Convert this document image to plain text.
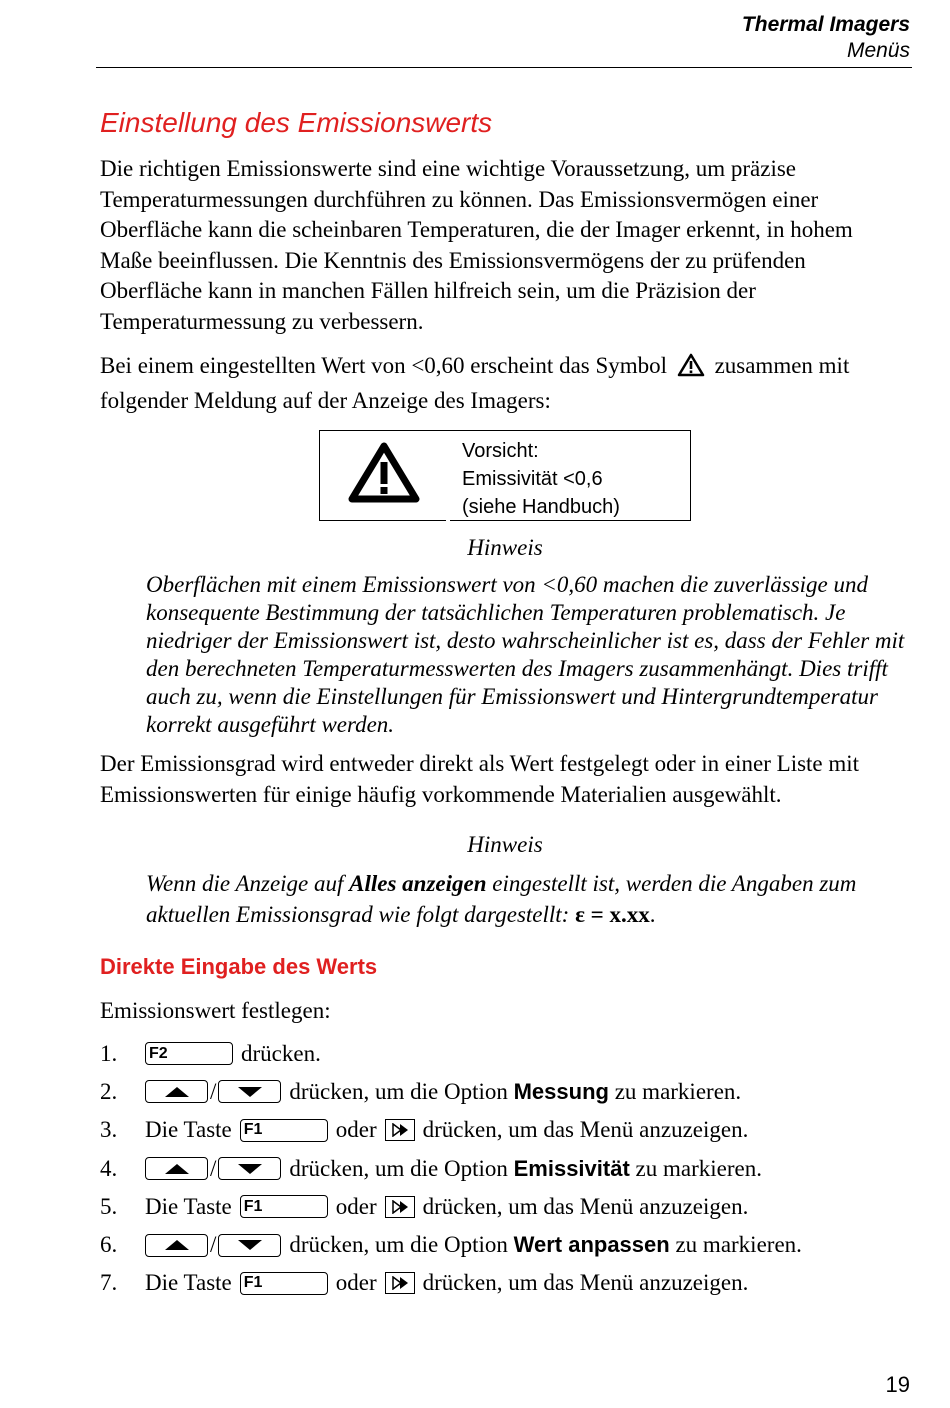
Thermal Imagers
Menüs
Einstellung des Emissionswerts

Die richtigen Emissionswerte sind eine wichtige Voraussetzung, um präzise Temperaturmessungen durchführen zu können. Das Emissionsvermögen einer Oberfläche kann die scheinbaren Temperaturen, die der Imager erkennt, in hohem Maße beeinflussen. Die Kenntnis des Emissionsvermögens der zu prüfenden Oberfläche kann in manchen Fällen hilfreich sein, um die Präzision der Temperaturmessung zu verbessern.

Bei einem eingestellten Wert von <0,60 erscheint das Symbol zusammen mit folgender Meldung auf der Anzeige des Imagers:

Vorsicht:
Emissivität <0,6
(siehe Handbuch)
Hinweis
Oberflächen mit einem Emissionswert von <0,60 machen die zuverlässige und konsequente Bestimmung der tatsächlichen Temperaturen problematisch. Je niedriger der Emissionswert ist, desto wahrscheinlicher ist es, dass der Fehler mit den berechneten Temperaturmesswerten des Imagers zusammenhängt. Dies trifft auch zu, wenn die Einstellungen für Emissionswert und Hintergrundtemperatur korrekt ausgeführt werden.

Der Emissionsgrad wird entweder direkt als Wert festgelegt oder in einer Liste mit Emissionswerten für einige häufig vorkommende Materialien ausgewählt.

Hinweis
Wenn die Anzeige auf Alles anzeigen eingestellt ist, werden die Angaben zum aktuellen Emissionsgrad wie folgt dargestellt: ε = x.xx.
Direkte Eingabe des Werts

Emissionswert festlegen:

1.	F2	drücken.
2.	/	drücken, um die Option
Messung
zu markieren.
3.	Die Taste F1	oder drücken, um das Menü anzuzeigen.
4.	/	drücken, um die Option
Emissivität
zu markieren.
5.	Die Taste F1	oder drücken, um das Menü anzuzeigen.
6.	/	drücken, um die Option
Wert anpassen
zu markieren.
7.	Die Taste F1	oder drücken, um das Menü anzuzeigen.
19
